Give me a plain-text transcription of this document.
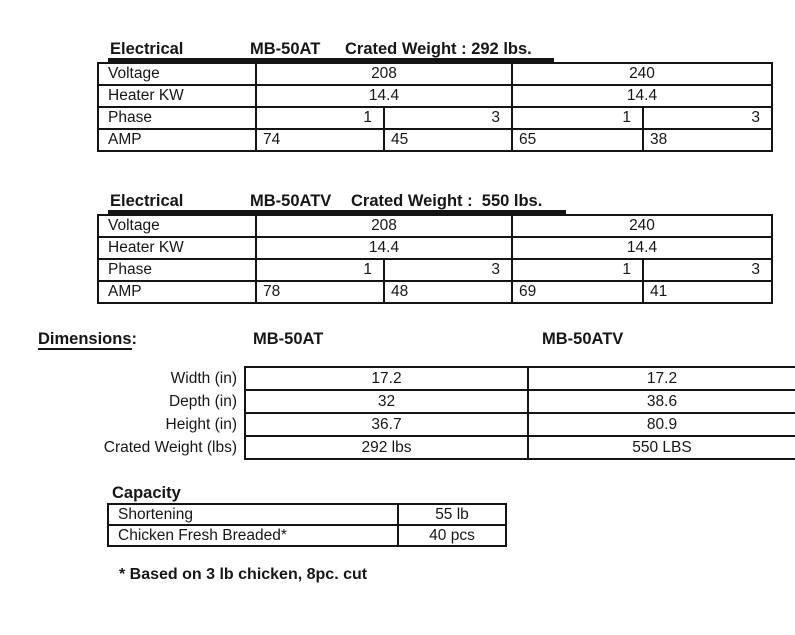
Electrical

	MB-50AT

Crated Weight : 292 lbs.

Voltage	208		240	
Heater KW	14.4		14.4	
Phase	1	3	1	3
AMP	74	45	65	38

Electrical

	MB-50ATV

Crated Weight :  550 lbs.

Voltage	208		240	
Heater KW	14.4		14.4	
Phase	1	3	1	3
AMP	78	48	69	41
Dimensions:	MB-50AT	MB-50ATV
Width (in)	17.2	17.2
Depth (in)	32	38.6
Height (in)	36.7	80.9
Crated Weight (lbs)	292 lbs	550 LBS
Capacity
Shortening	55 lb
Chicken Fresh Breaded*	40 pcs
* Based on 3 lb chicken, 8pc. cut
